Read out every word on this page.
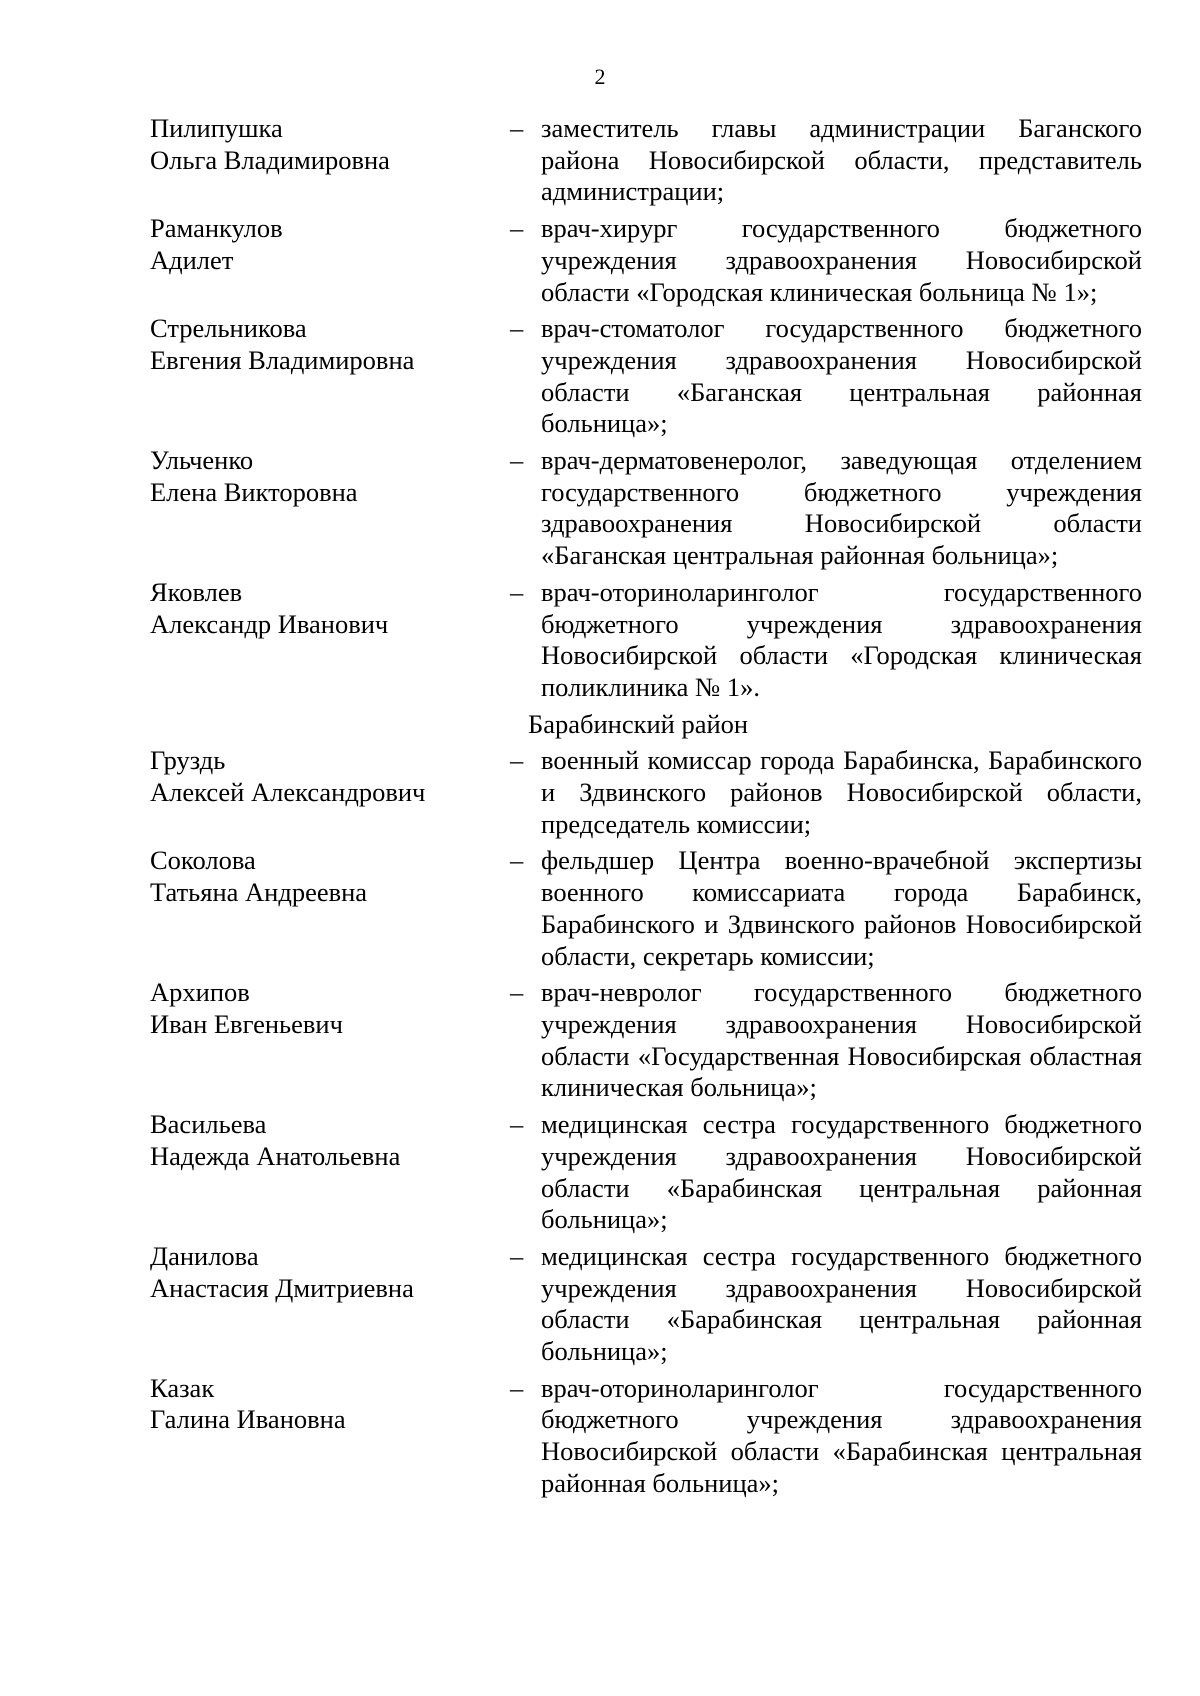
2
Пилипушка
Ольга Владимировна
– заместитель главы администрации Баганского района Новосибирской области, представитель администрации;
Раманкулов
Адилет
– врач-хирург государственного бюджетного учреждения здравоохранения Новосибирской области «Городская клиническая больница № 1»;
Стрельникова
Евгения Владимировна
– врач-стоматолог государственного бюджетного учреждения здравоохранения Новосибирской области «Баганская центральная районная больница»;
Ульченко
Елена Викторовна
– врач-дерматовенеролог, заведующая отделением государственного бюджетного учреждения здравоохранения Новосибирской области «Баганская центральная районная больница»;
Яковлев
Александр Иванович
– врач-оториноларинголог государственного бюджетного учреждения здравоохранения Новосибирской области «Городская клиническая поликлиника № 1».
Барабинский район
Груздь
Алексей Александрович
– военный комиссар города Барабинска, Барабинского и Здвинского районов Новосибирской области, председатель комиссии;
Соколова
Татьяна Андреевна
– фельдшер Центра военно-врачебной экспертизы военного комиссариата города Барабинск, Барабинского и Здвинского районов Новосибирской области, секретарь комиссии;
Архипов
Иван Евгеньевич
– врач-невролог государственного бюджетного учреждения здравоохранения Новосибирской области «Государственная Новосибирская областная клиническая больница»;
Васильева
Надежда Анатольевна
– медицинская сестра государственного бюджетного учреждения здравоохранения Новосибирской области «Барабинская центральная районная больница»;
Данилова
Анастасия Дмитриевна
– медицинская сестра государственного бюджетного учреждения здравоохранения Новосибирской области «Барабинская центральная районная больница»;
Казак
Галина Ивановна
– врач-оториноларинголог государственного бюджетного учреждения здравоохранения Новосибирской области «Барабинская центральная районная больница»;
